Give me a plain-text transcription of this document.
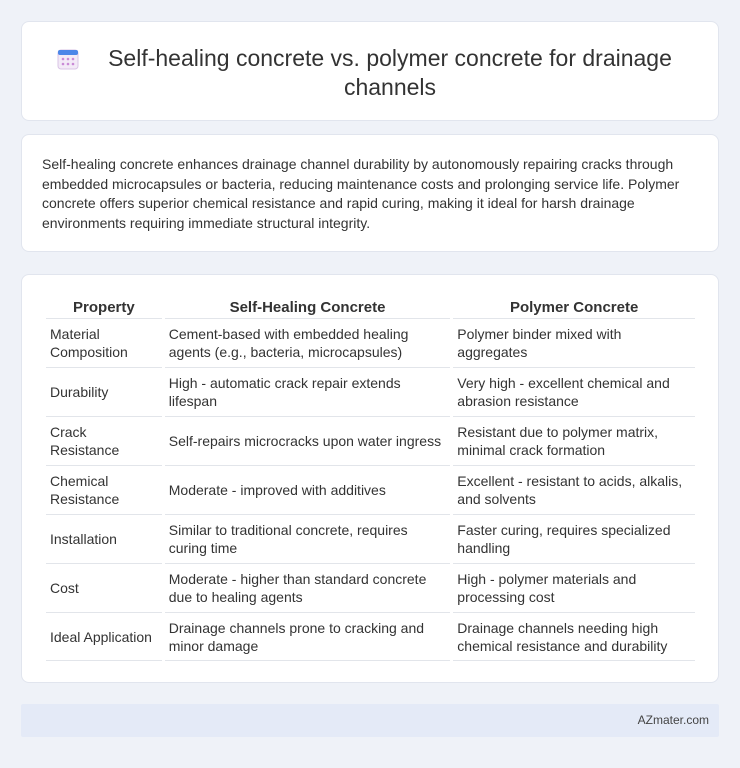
Self-healing concrete vs. polymer concrete for drainage channels

Self-healing concrete enhances drainage channel durability by autonomously repairing cracks through embedded microcapsules or bacteria, reducing maintenance costs and prolonging service life. Polymer concrete offers superior chemical resistance and rapid curing, making it ideal for harsh drainage environments requiring immediate structural integrity.

Property	Self-Healing Concrete	Polymer Concrete
Material Composition	Cement-based with embedded healing agents (e.g., bacteria, microcapsules)	Polymer binder mixed with aggregates
Durability	High - automatic crack repair extends lifespan	Very high - excellent chemical and abrasion resistance
Crack Resistance	Self-repairs microcracks upon water ingress	Resistant due to polymer matrix, minimal crack formation
Chemical Resistance	Moderate - improved with additives	Excellent - resistant to acids, alkalis, and solvents
Installation	Similar to traditional concrete, requires curing time	Faster curing, requires specialized handling
Cost	Moderate - higher than standard concrete due to healing agents	High - polymer materials and processing cost
Ideal Application	Drainage channels prone to cracking and minor damage	Drainage channels needing high chemical resistance and durability
AZmater.com
